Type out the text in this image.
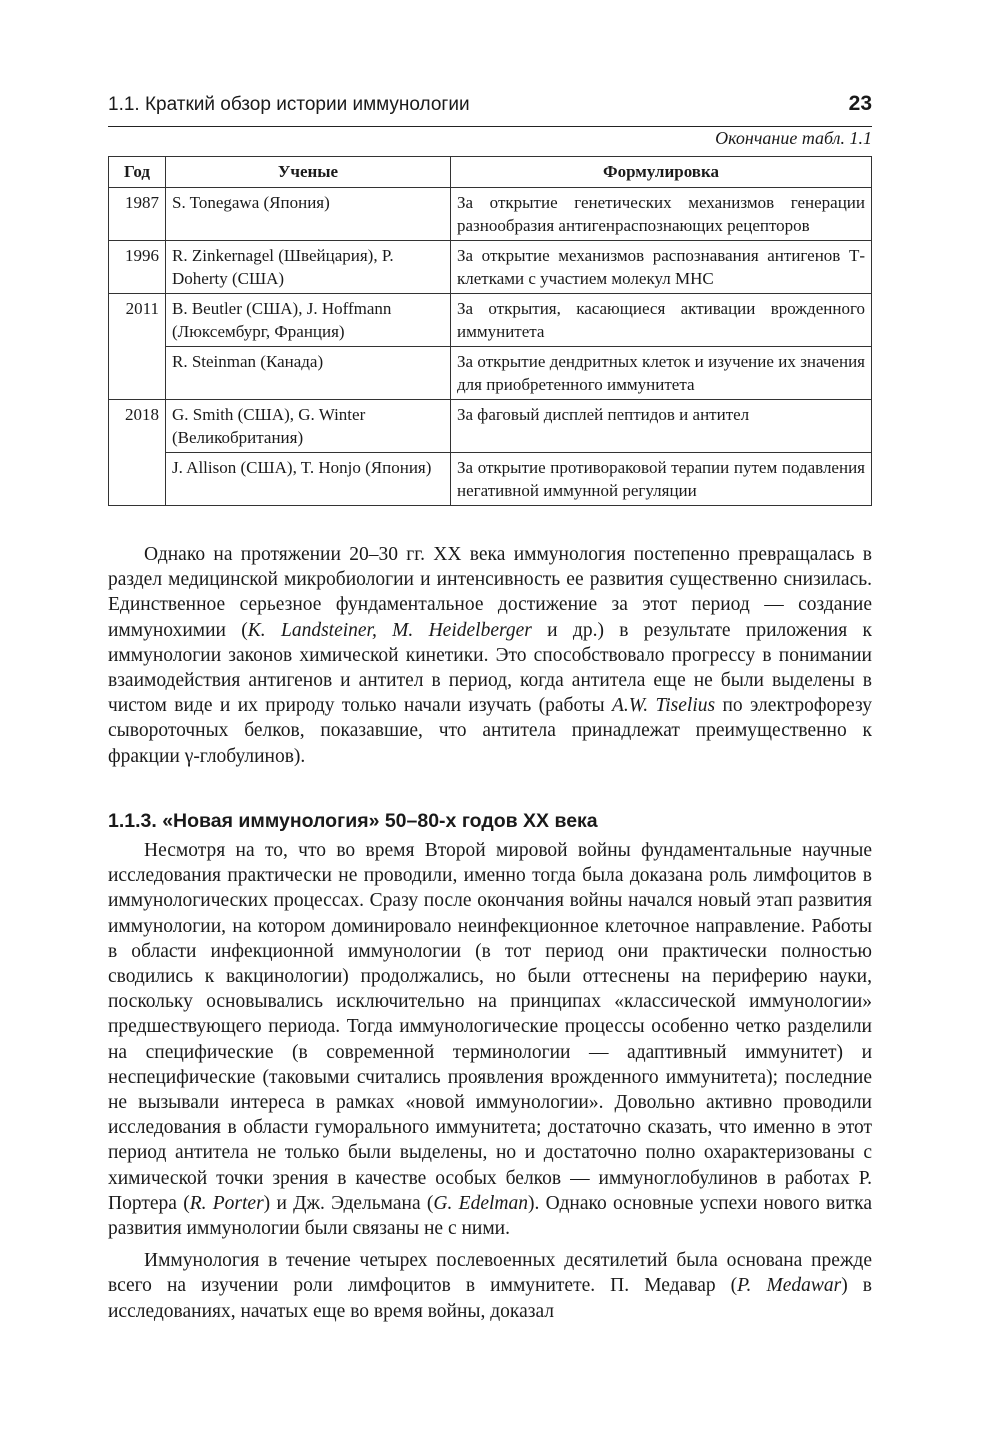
1.1. Краткий обзор истории иммунологии	23
Окончание табл. 1.1
Год	Ученые	Формулировка
1987	S. Tonegawa (Япония)	За открытие генетических механизмов генерации разнообразия антигенраспознающих рецепторов
1996	R. Zinkernagel (Швейцария), P. Doherty (США)	За открытие механизмов распознавания антигенов Т-клетками с участием молекул МНС
2011	B. Beutler (США), J. Hoffmann (Люксембург, Франция)	За открытия, касающиеся активации врожденного иммунитета
	R. Steinman (Канада)	За открытие дендритных клеток и изучение их значения для приобретенного иммунитета
2018	G. Smith (США), G. Winter (Великобритания)	За фаговый дисплей пептидов и антител
	J. Allison (США), T. Honjo (Япония)	За открытие противораковой терапии путем подавления негативной иммунной регуляции

Однако на протяжении 20–30 гг. XX века иммунология постепенно превращалась в раздел медицинской микробиологии и интенсивность ее развития существенно снизилась. Единственное серьезное фундаментальное достижение за этот период — создание иммунохимии (K. Landsteiner, M. Heidelberger и др.) в результате приложения к иммунологии законов химической кинетики. Это способствовало прогрессу в понимании взаимодействия антигенов и антител в период, когда антитела еще не были выделены в чистом виде и их природу только начали изучать (работы A.W. Tiselius по электрофорезу сывороточных белков, показавшие, что антитела принадлежат преимущественно к фракции γ-глобулинов).

1.1.3. «Новая иммунология» 50–80-х годов XX века

Несмотря на то, что во время Второй мировой войны фундаментальные научные исследования практически не проводили, именно тогда была доказана роль лимфоцитов в иммунологических процессах. Сразу после окончания войны начался новый этап развития иммунологии, на котором доминировало неинфекционное клеточное направление. Работы в области инфекционной иммунологии (в тот период они практически полностью сводились к вакцинологии) продолжались, но были оттеснены на периферию науки, поскольку основывались исключительно на принципах «классической иммунологии» предшествующего периода. Тогда иммунологические процессы особенно четко разделили на специфические (в современной терминологии — адаптивный иммунитет) и неспецифические (таковыми считались проявления врожденного иммунитета); последние не вызывали интереса в рамках «новой иммунологии». Довольно активно проводили исследования в области гуморального иммунитета; достаточно сказать, что именно в этот период антитела не только были выделены, но и достаточно полно охарактеризованы с химической точки зрения в качестве особых белков — иммуноглобулинов в работах Р. Портера (R. Porter) и Дж. Эдельмана (G. Edelman). Однако основные успехи нового витка развития иммунологии были связаны не с ними.

Иммунология в течение четырех послевоенных десятилетий была основана прежде всего на изучении роли лимфоцитов в иммунитете. П. Медавар (P. Medawar) в исследованиях, начатых еще во время войны, доказал
